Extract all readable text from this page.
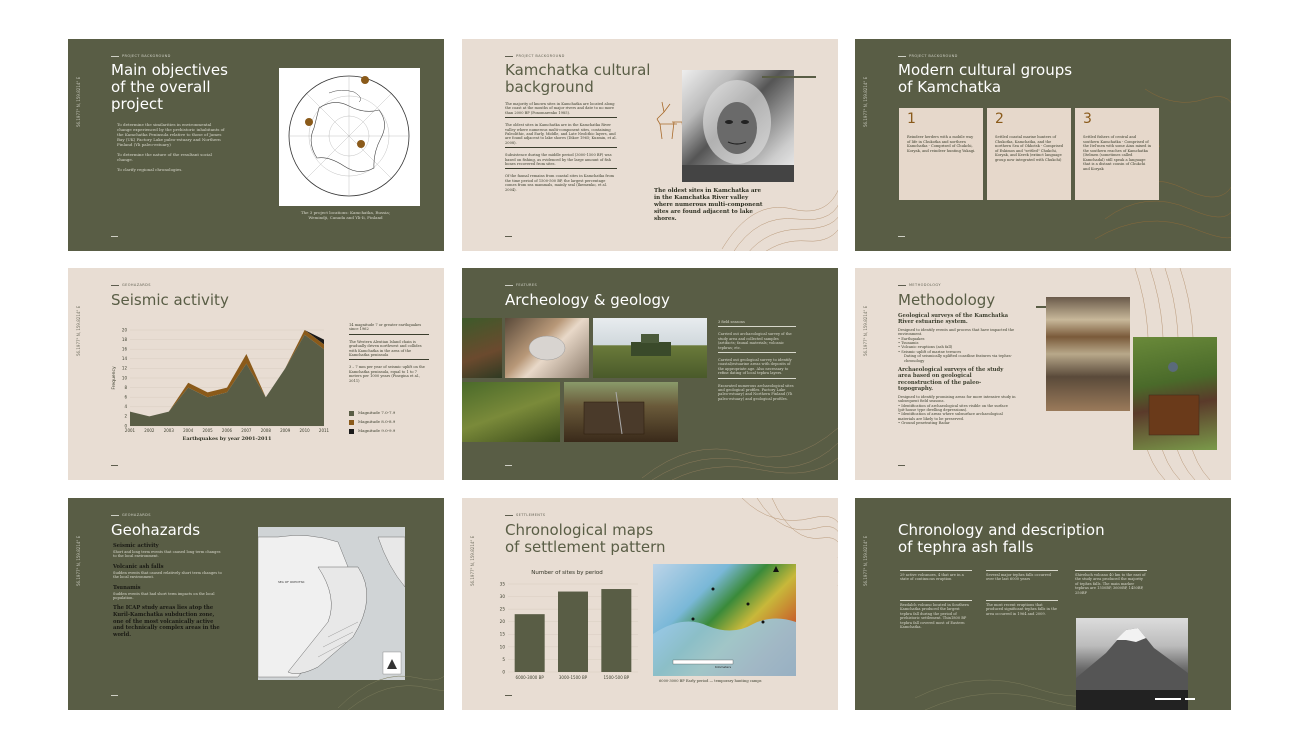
PROJECT BACKGROUND
56.1977° N, 159.8214° E
Main objectives
of the overall
project

To determine the similarities in environmental change experienced by the prehistoric inhabitants of the Kamchatka Peninsula relative to those of James Bay (UK) Factory Lake paleo-estuary and Northern Finland (Yli paleo-estuary)

To determine the nature of the resultant social change.

To clarify regional chronologies.

The 3 project locations: Kamchatka, Russia; Wemindji, Canada and Yli-Ii, Finland
PROJECT BACKGROUND
Kamchatka cultural
background

The majority of known sites in Kamchatka are located along the coast at the mouths of major rivers and date to no more than 2000 BP (Ponomarenko 1985).

The oldest sites in Kamchatka are in the Kamchatka River valley where numerous multi-component sites, containing Paleolithic, and Early, Middle, and Late Neolithic layers, and are found adjacent to lake shores (Dikov 1965; Kuzmin, et al. 2008).

Subsistence during the middle period (3000-1500 BP) was based on fishing, as evidenced by the large amount of fish bones recovered from sites.

Of the faunal remains from coastal sites in Kamchatka from the time period of 1500-500 BP, the largest percentage comes from sea mammals, mainly seal (Ikemenko, et al. 2004).	The oldest sites in Kamchatka are in the Kamchatka River valley where numerous multi-component sites are found adjacent to lake shores.
PROJECT BACKGROUND
56.1977° N, 159.8214° E
Modern cultural groups
of Kamchatka
1
Reindeer herders with a mobile way of life in Chukotka and northern Kamchatka - Comprised of Chukchi, Koryak, and reindeer hunting Yukagi.
2
Settled coastal marine hunters of Chukotka, Kamchatka, and the northern Sea of Okhotsk - Comprised of Eskimos and "settled" Chukchi, Koryak, and Kerek (extinct language group now integrated with Chukchi)
3
Settled fishers of central and southern Kamchatka - Comprised of the Itel'men with some Ainu mixed in the southern reaches of Kamchatka (Itelmen (sometimes called Kamchadal) still speak a language that is a distant cousin of Chukchi and Koryak
GEOHAZARDS
56.1977° N, 159.8214° E
Seismic activity
0
2
4
6
8
10
12
14
16
18
20
2001 2002 2003 2004 2005 2006 2007 2008 2009 2010 2011
Earthquakes by year 2001-2011
Frequency

14 magnitude 7 or greater earthquakes since 1962

The Western Aleutian Island chain is gradually driven northwest and collides with Kamchatka in the area of the Kamchatka peninsula

3 – 7 mm per year of seismic uplift on the Kamchatka peninsula, equal to 1 to 7 meters per 1000 years (Pinegina et al., 2011)

Magnitude 7.0-7.9
Magnitude 8.0-8.9
Magnitude 9.0-9.9
FEATURES
Archeology & geology

3 field seasons

Carried out archaeological survey of the study area and collected samples (artifacts; faunal materials; volcanic tephras; etc.

Carried out geological survey to identify coastal/estuarine areas with deposits of the appropriate age. Also necessary to refine dating of local tephra layers.

Excavated numerous archaeological sites and geological profiles. Factory Lake paleo-estuary) and Northern Finland (Yli paleo-estuary) and geological profiles.

METHODOLOGY
56.1977° N, 159.8214° E
Methodology
Geological surveys of the Kamchatka River estuarine system.
Designed to identify events and process that have impacted the environment.
• Earthquakes
• Tsunamis
• Volcanic eruptions (ash fall)
• Seismic uplift of marine terraces
Dating of seismically uplifted coastline features via tephra-chronology
Archaeological surveys of the study area based on geological reconstruction of the paleo-topography.
Designed to identify promising areas for more intensive study in subsequent field seasons.
• Identification of archaeological sites visible on the surface (pit-house type dwelling depressions).
• Identification of areas where subsurface archaeological materials are likely to be preserved.
• Ground penetrating Radar
GEOHAZARDS
56.1977° N, 159.8214° E
Geohazards
Seismic activity
Short and long term events that caused long term changes to the local environment.
Volcanic ash falls
Sudden events that caused relatively short term changes to the local environment.
Tsunamis
Sudden events that had short term impacts on the local population.
The ICAP study areas lies atop the Kuril-Kamchatka subduction zone, one of the most volcanically active and technically complex areas in the world.
SEA OF OKHOTSK
SETTLEMENTS
56.1977° N, 159.8214° E
Chronological maps
of settlement pattern
Number of sites by period
0
5
10
15
20
25
30
35
6000-3000 BP	3000-1500 BP	1500-500 BP
Kilometers
6000-3000 BP Early period — temporary hunting camps
56.1977° N, 159.8214° E
Chronology and description
of tephra ash falls
29 active volcanoes, 4 that are in a state of continuous eruption
Several major tephra falls occurred over the last 6000 years
Shiveluch volcano 40 km to the east of the study area produced the majority of tephra falls. The main marker tephras are 1550BP, 3600BP, 1450BP, 250BP
Bezdalch volcano located in Southern Kamchatka produced the largest tephra fall during the period of prehistoric settlement. Thin1800 BP tephra fall covered most of Eastern Kamchatka.
The most recent eruptions that produced significant tephra falls in the area occurred in 1964 and 2009.
